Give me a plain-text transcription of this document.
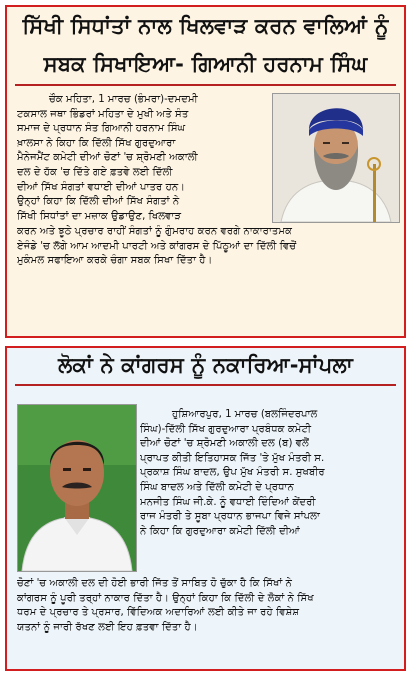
ਸਿੱਖੀ ਸਿਧਾਂਤਾਂ ਨਾਲ ਖਿਲਵਾੜ ਕਰਨ ਵਾਲਿਆਂ ਨੂੰ
ਸਬਕ ਸਿਖਾਇਆ- ਗਿਆਨੀ ਹਰਨਾਮ ਸਿੰਘ
ਚੌਕ ਮਹਿਤਾ, 1 ਮਾਰਚ (ਭੰਮਰਾ)-ਦਮਦਮੀ
ਟਕਸਾਲ ਜਥਾ ਭਿੰਡਰਾਂ ਮਹਿਤਾ ਦੇ ਮੁਖੀ ਅਤੇ ਸੰਤ
ਸਮਾਜ ਦੇ ਪ੍ਰਧਾਨ ਸੰਤ ਗਿਆਨੀ ਹਰਨਾਮ ਸਿੰਘ
ਖ਼ਾਲਸਾ ਨੇ ਕਿਹਾ ਕਿ ਦਿੱਲੀ ਸਿੱਖ ਗੁਰਦੁਆਰਾ
ਮੈਨੇਜਮੈਂਟ ਕਮੇਟੀ ਦੀਆਂ ਚੋਣਾਂ 'ਚ ਸ਼੍ਰੋਮਣੀ ਅਕਾਲੀ
ਦਲ ਦੇ ਹੱਕ 'ਚ ਦਿੱਤੇ ਗਏ ਫ਼ਤਵੇ ਲਈ ਦਿੱਲੀ
ਦੀਆਂ ਸਿੱਖ ਸੰਗਤਾਂ ਵਧਾਈ ਦੀਆਂ ਪਾਤਰ ਹਨ।
ਉਨ੍ਹਾਂ ਕਿਹਾ ਕਿ ਦਿੱਲੀ ਦੀਆਂ ਸਿੱਖ ਸੰਗਤਾਂ ਨੇ
ਸਿੱਖੀ ਸਿਧਾਂਤਾਂ ਦਾ ਮਜ਼ਾਕ ਉਡਾਉਣ, ਖਿਲਵਾੜ
ਕਰਨ ਅਤੇ ਝੂਠੇ ਪ੍ਰਚਾਰ ਰਾਹੀਂ ਸੰਗਤਾਂ ਨੂੰ ਗੁੰਮਰਾਹ ਕਰਨ ਵਰਗੇ ਨਾਕਾਰਾਤਮਕ
ਏਜੰਡੇ 'ਚ ਲੱਗੇ ਆਮ ਆਦਮੀ ਪਾਰਟੀ ਅਤੇ ਕਾਂਗਰਸ ਦੇ ਪਿੱਠੂਆਂ ਦਾ ਦਿੱਲੀ ਵਿਚੋਂ
ਮੁਕੰਮਲ ਸਫਾਇਆ ਕਰਕੇ ਚੰਗਾ ਸਬਕ ਸਿਖਾ ਦਿੱਤਾ ਹੈ।
ਲੋਕਾਂ ਨੇ ਕਾਂਗਰਸ ਨੂੰ ਨਕਾਰਿਆ-ਸਾਂਪਲਾ
ਹੁਸ਼ਿਆਰਪੁਰ, 1 ਮਾਰਚ (ਬਲਜਿੰਦਰਪਾਲ
ਸਿੰਘ)-ਦਿੱਲੀ ਸਿੱਖ ਗੁਰਦੁਆਰਾ ਪ੍ਰਬੰਧਕ ਕਮੇਟੀ
ਦੀਆਂ ਚੋਣਾਂ 'ਚ ਸ਼੍ਰੋਮਣੀ ਅਕਾਲੀ ਦਲ (ਬ) ਵਲੋਂ
ਪ੍ਰਾਪਤ ਕੀਤੀ ਇਤਿਹਾਸਕ ਜਿੱਤ 'ਤੇ ਮੁੱਖ ਮੰਤਰੀ ਸ.
ਪ੍ਰਕਾਸ਼ ਸਿੰਘ ਬਾਦਲ, ਉਪ ਮੁੱਖ ਮੰਤਰੀ ਸ. ਸੁਖਬੀਰ
ਸਿੰਘ ਬਾਦਲ ਅਤੇ ਦਿੱਲੀ ਕਮੇਟੀ ਦੇ ਪ੍ਰਧਾਨ
ਮਨਜੀਤ ਸਿੰਘ ਜੀ.ਕੇ. ਨੂੰ ਵਧਾਈ ਦਿੰਦਿਆਂ ਕੇਂਦਰੀ
ਰਾਜ ਮੰਤਰੀ ਤੇ ਸੂਬਾ ਪ੍ਰਧਾਨ ਭਾਜਪਾ ਵਿਜੇ ਸਾਂਪਲਾ
ਨੇ ਕਿਹਾ ਕਿ ਗੁਰਦੁਆਰਾ ਕਮੇਟੀ ਦਿੱਲੀ ਦੀਆਂ
ਚੋਣਾਂ 'ਚ ਅਕਾਲੀ ਦਲ ਦੀ ਹੋਈ ਭਾਰੀ ਜਿੱਤ ਤੋਂ ਸਾਬਿਤ ਹੋ ਚੁੱਕਾ ਹੈ ਕਿ ਸਿੱਖਾਂ ਨੇ
ਕਾਂਗਰਸ ਨੂੰ ਪੂਰੀ ਤਰ੍ਹਾਂ ਨਾਕਾਰ ਦਿੱਤਾ ਹੈ। ਉਨ੍ਹਾਂ ਕਿਹਾ ਕਿ ਦਿੱਲੀ ਦੇ ਲੋਕਾਂ ਨੇ ਸਿੱਖ
ਧਰਮ ਦੇ ਪ੍ਰਚਾਰ ਤੇ ਪ੍ਰਸਾਰ, ਵਿੱਦਿਅਕ ਅਦਾਰਿਆਂ ਲਈ ਕੀਤੇ ਜਾ ਰਹੇ ਵਿਸ਼ੇਸ਼
ਯਤਨਾਂ ਨੂੰ ਜਾਰੀ ਰੱਖਣ ਲਈ ਇਹ ਫ਼ਤਵਾ ਦਿੱਤਾ ਹੈ।
